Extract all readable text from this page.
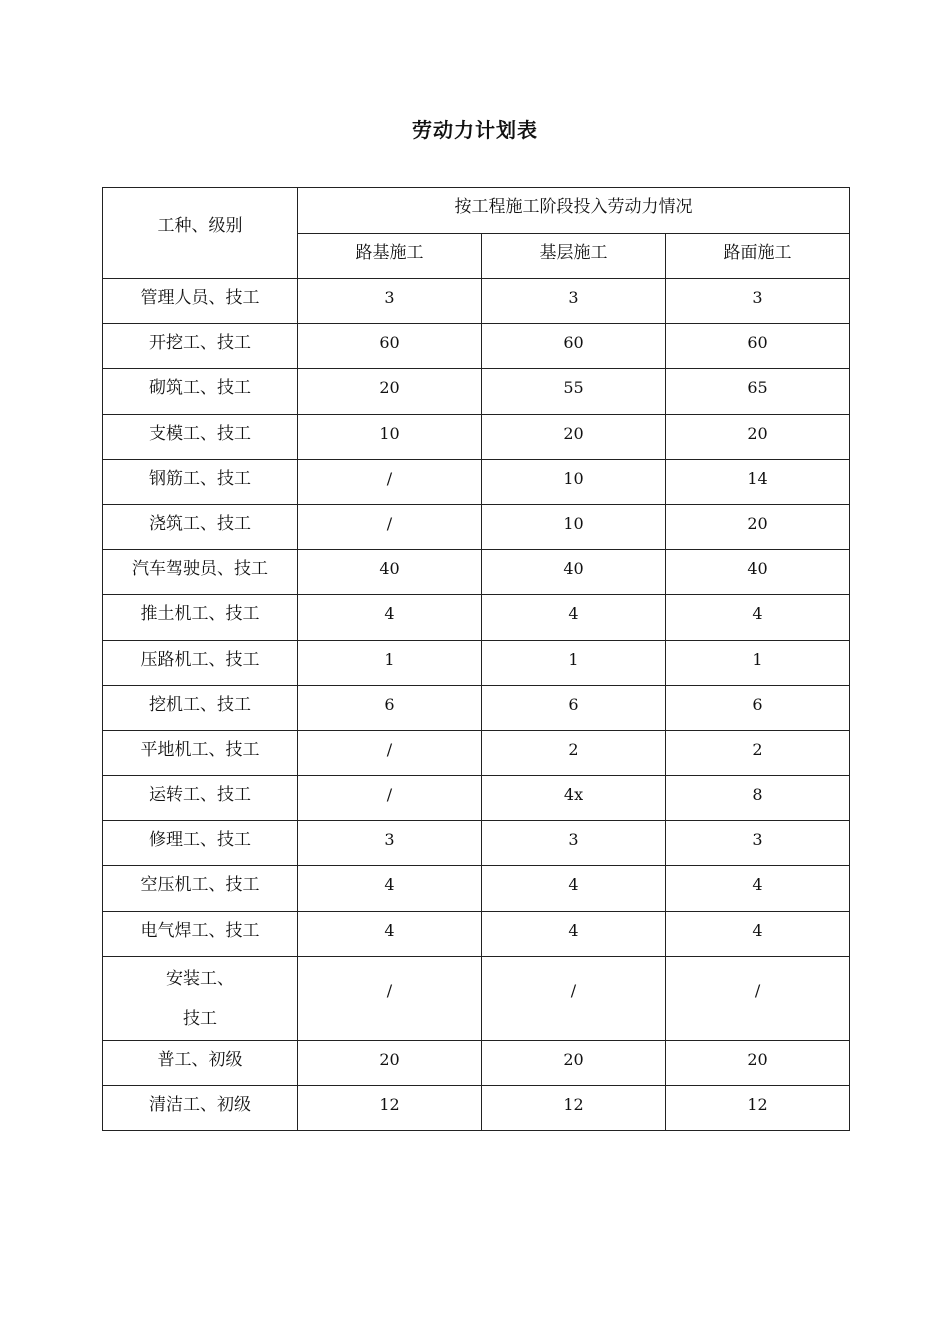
劳动力计划表
工种、级别	按工程施工阶段投入劳动力情况		
	路基施工	基层施工	路面施工
管理人员、技工	3	3	3
开挖工、技工	60	60	60
砌筑工、技工	20	55	65
支模工、技工	10	20	20
钢筋工、技工	/	10	14
浇筑工、技工	/	10	20
汽车驾驶员、技工	40	40	40
推土机工、技工	4	4	4
压路机工、技工	1	1	1
挖机工、技工	6	6	6
平地机工、技工	/	2	2
运转工、技工	/	4x	8
修理工、技工	3	3	3
空压机工、技工	4	4	4
电气焊工、技工	4	4	4
安装工、
技工	/	/	/
普工、初级	20	20	20
清洁工、初级	12	12	12
